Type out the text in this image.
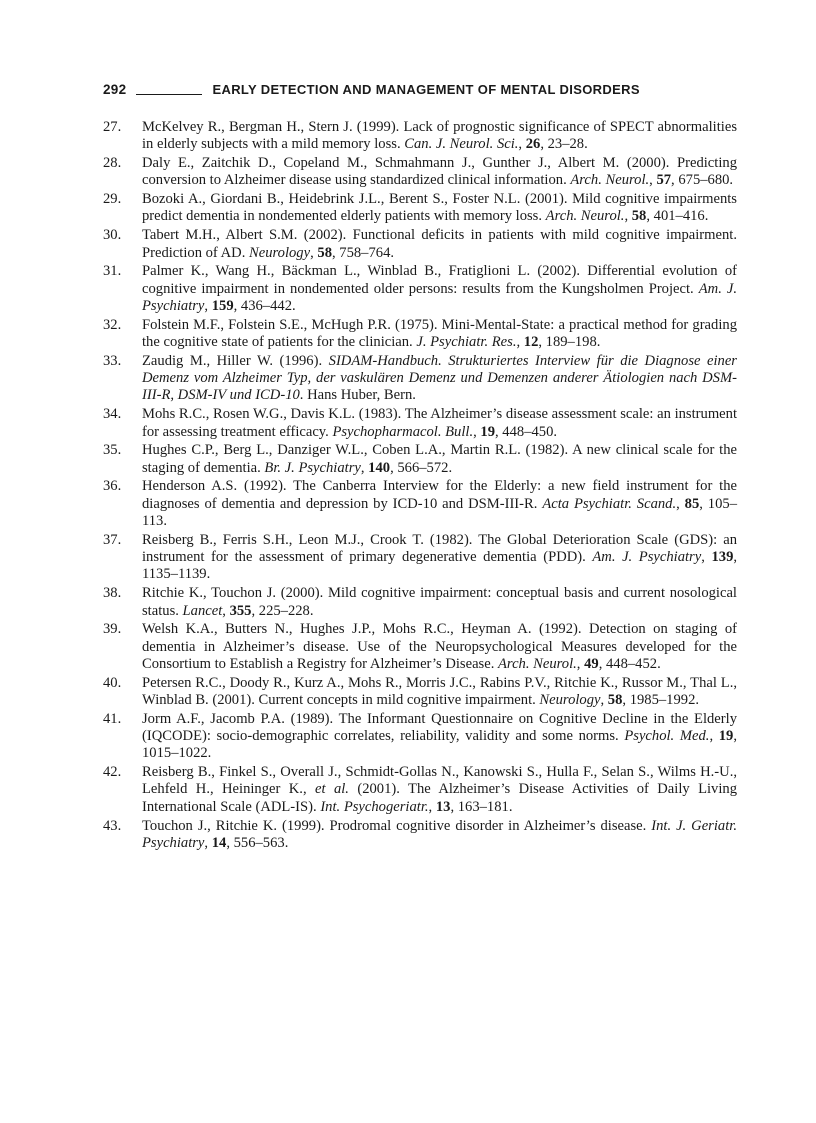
292	EARLY DETECTION AND MANAGEMENT OF MENTAL DISORDERS
27.	McKelvey R., Bergman H., Stern J. (1999). Lack of prognostic significance of SPECT abnormalities in elderly subjects with a mild memory loss. Can. J. Neurol. Sci., 26, 23–28.
28.	Daly E., Zaitchik D., Copeland M., Schmahmann J., Gunther J., Albert M. (2000). Predicting conversion to Alzheimer disease using standardized clinical information. Arch. Neurol., 57, 675–680.
29.	Bozoki A., Giordani B., Heidebrink J.L., Berent S., Foster N.L. (2001). Mild cognitive impairments predict dementia in nondemented elderly patients with memory loss. Arch. Neurol., 58, 401–416.
30.	Tabert M.H., Albert S.M. (2002). Functional deficits in patients with mild cognitive impairment. Prediction of AD. Neurology, 58, 758–764.
31.	Palmer K., Wang H., Bäckman L., Winblad B., Fratiglioni L. (2002). Differential evolution of cognitive impairment in nondemented older persons: results from the Kungsholmen Project. Am. J. Psychiatry, 159, 436–442.
32.	Folstein M.F., Folstein S.E., McHugh P.R. (1975). Mini-Mental-State: a practical method for grading the cognitive state of patients for the clinician. J. Psychiatr. Res., 12, 189–198.
33.	Zaudig M., Hiller W. (1996). SIDAM-Handbuch. Strukturiertes Interview für die Diagnose einer Demenz vom Alzheimer Typ, der vaskulären Demenz und Demenzen anderer Ätiologien nach DSM-III-R, DSM-IV und ICD-10. Hans Huber, Bern.
34.	Mohs R.C., Rosen W.G., Davis K.L. (1983). The Alzheimer’s disease assessment scale: an instrument for assessing treatment efficacy. Psychopharmacol. Bull., 19, 448–450.
35.	Hughes C.P., Berg L., Danziger W.L., Coben L.A., Martin R.L. (1982). A new clinical scale for the staging of dementia. Br. J. Psychiatry, 140, 566–572.
36.	Henderson A.S. (1992). The Canberra Interview for the Elderly: a new field instrument for the diagnoses of dementia and depression by ICD-10 and DSM-III-R. Acta Psychiatr. Scand., 85, 105–113.
37.	Reisberg B., Ferris S.H., Leon M.J., Crook T. (1982). The Global Deterioration Scale (GDS): an instrument for the assessment of primary degenerative dementia (PDD). Am. J. Psychiatry, 139, 1135–1139.
38.	Ritchie K., Touchon J. (2000). Mild cognitive impairment: conceptual basis and current nosological status. Lancet, 355, 225–228.
39.	Welsh K.A., Butters N., Hughes J.P., Mohs R.C., Heyman A. (1992). Detection on staging of dementia in Alzheimer’s disease. Use of the Neuropsychological Measures developed for the Consortium to Establish a Registry for Alzheimer’s Disease. Arch. Neurol., 49, 448–452.
40.	Petersen R.C., Doody R., Kurz A., Mohs R., Morris J.C., Rabins P.V., Ritchie K., Russor M., Thal L., Winblad B. (2001). Current concepts in mild cognitive impairment. Neurology, 58, 1985–1992.
41.	Jorm A.F., Jacomb P.A. (1989). The Informant Questionnaire on Cognitive Decline in the Elderly (IQCODE): socio-demographic correlates, reliability, validity and some norms. Psychol. Med., 19, 1015–1022.
42.	Reisberg B., Finkel S., Overall J., Schmidt-Gollas N., Kanowski S., Hulla F., Selan S., Wilms H.-U., Lehfeld H., Heininger K., et al. (2001). The Alzheimer’s Disease Activities of Daily Living International Scale (ADL-IS). Int. Psychogeriatr., 13, 163–181.
43.	Touchon J., Ritchie K. (1999). Prodromal cognitive disorder in Alzheimer’s disease. Int. J. Geriatr. Psychiatry, 14, 556–563.
